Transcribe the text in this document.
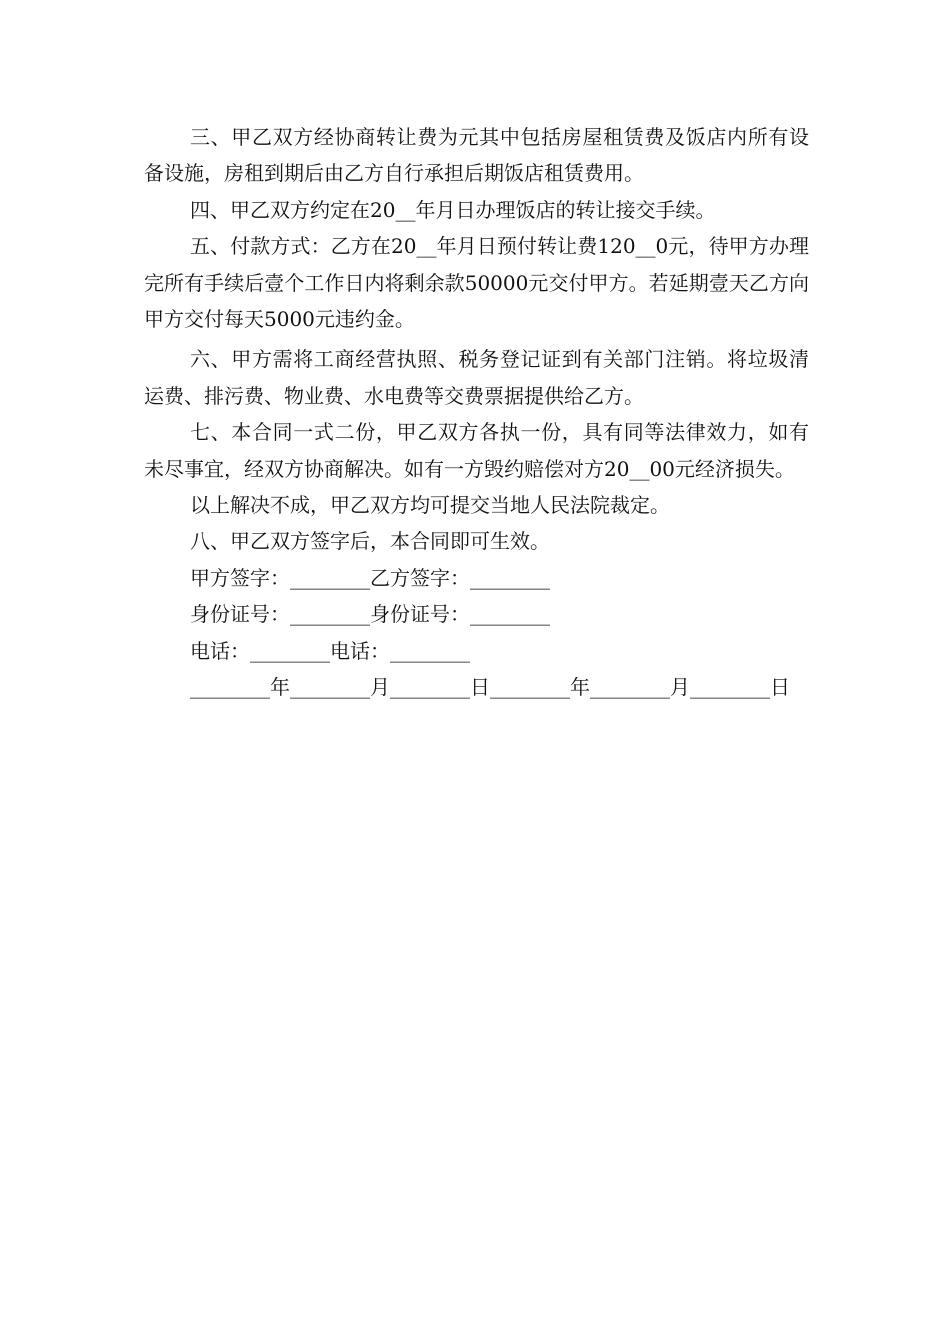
三、甲乙双方经协商转让费为元其中包括房屋租赁费及饭店内所有设备设施，房租到期后由乙方自行承担后期饭店租赁费用。

四、甲乙双方约定在20__年月日办理饭店的转让接交手续。

五、付款方式：乙方在20__年月日预付转让费120__0元，待甲方办理完所有手续后壹个工作日内将剩余款50000元交付甲方。若延期壹天乙方向甲方交付每天5000元违约金。

六、甲方需将工商经营执照、税务登记证到有关部门注销。将垃圾清运费、排污费、物业费、水电费等交费票据提供给乙方。

七、本合同一式二份，甲乙双方各执一份，具有同等法律效力，如有未尽事宜，经双方协商解决。如有一方毁约赔偿对方20__00元经济损失。

以上解决不成，甲乙双方均可提交当地人民法院裁定。

八、甲乙双方签字后，本合同即可生效。

甲方签字：________乙方签字：________

身份证号：________身份证号：________

电话：________电话：________

________年________月________日________年________月________日
